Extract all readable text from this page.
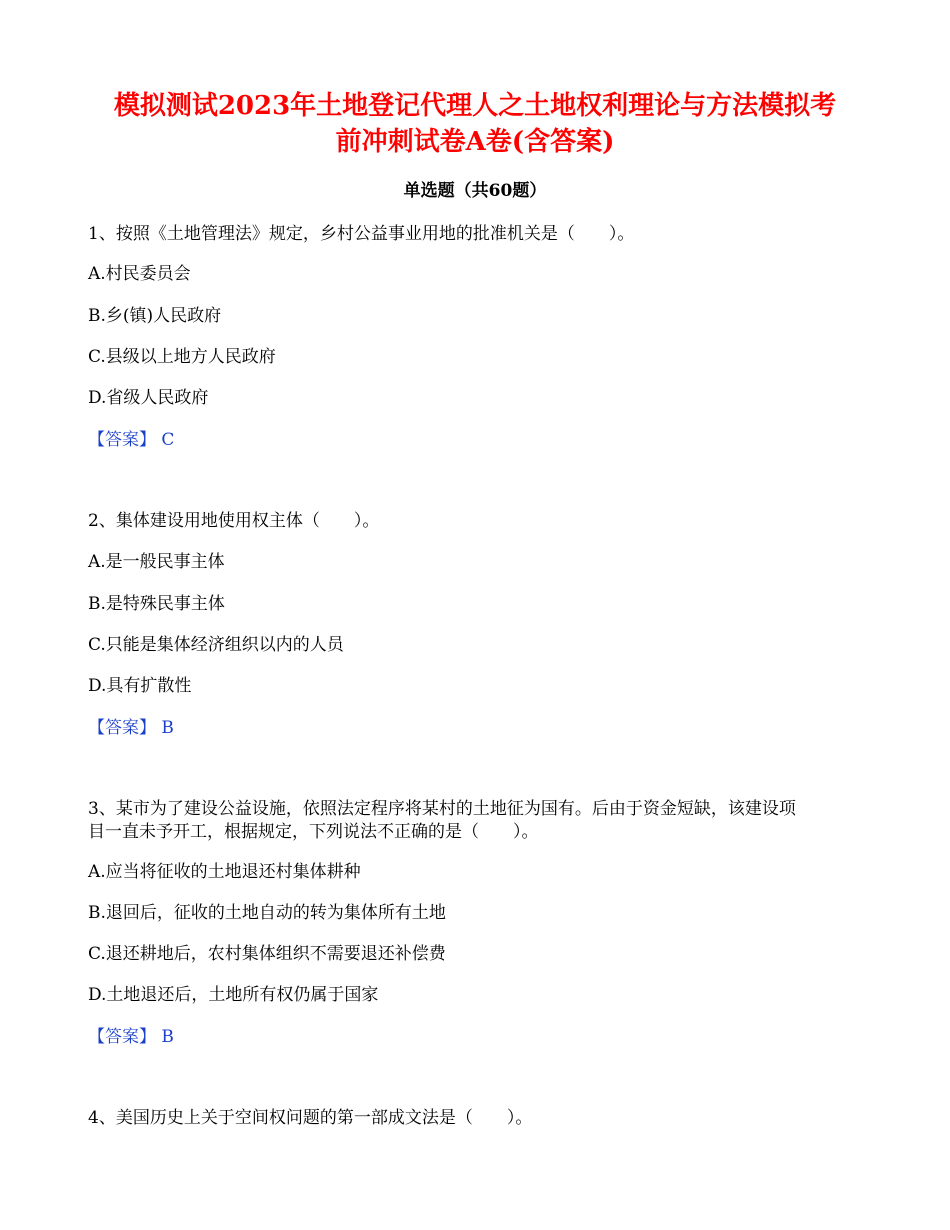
模拟测试2023年土地登记代理人之土地权利理论与方法模拟考
前冲刺试卷A卷(含答案)
单选题（共60题）
1、按照《土地管理法》规定，乡村公益事业用地的批准机关是（　　）。
A.村民委员会
B.乡(镇)人民政府
C.县级以上地方人民政府
D.省级人民政府
【答案】 C
2、集体建设用地使用权主体（　　）。
A.是一般民事主体
B.是特殊民事主体
C.只能是集体经济组织以内的人员
D.具有扩散性
【答案】 B
3、某市为了建设公益设施，依照法定程序将某村的土地征为国有。后由于资金短缺，该建设项
目一直未予开工，根据规定，下列说法不正确的是（　　）。
A.应当将征收的土地退还村集体耕种
B.退回后，征收的土地自动的转为集体所有土地
C.退还耕地后，农村集体组织不需要退还补偿费
D.土地退还后，土地所有权仍属于国家
【答案】 B
4、美国历史上关于空间权问题的第一部成文法是（　　）。
